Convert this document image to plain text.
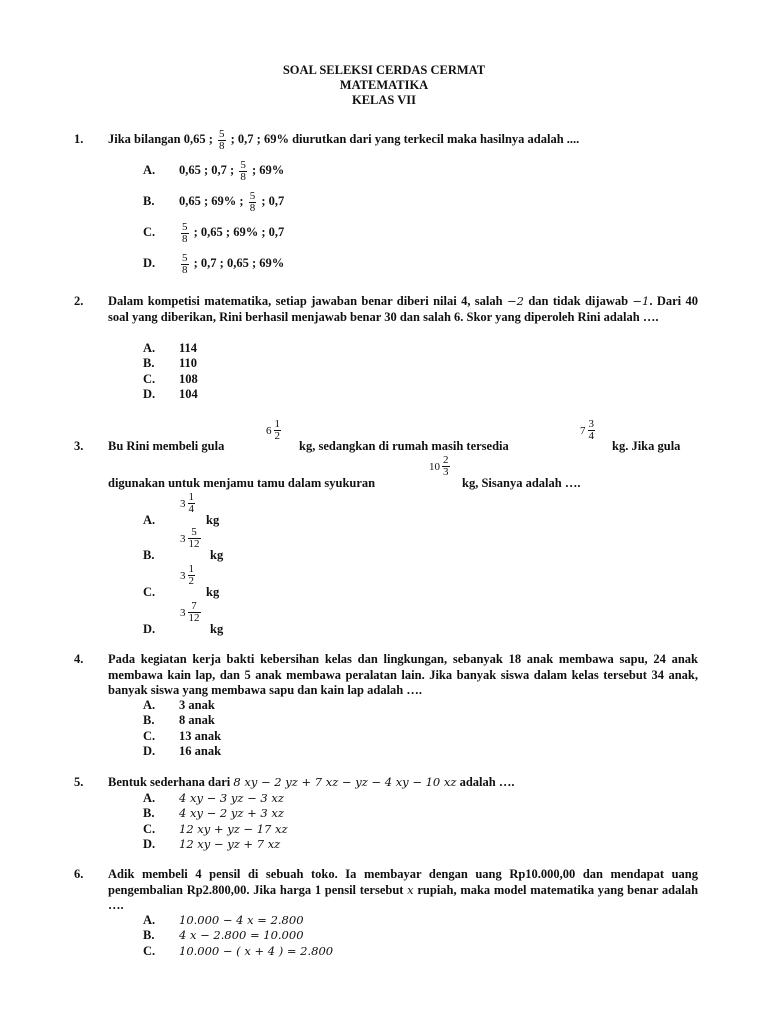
SOAL SELEKSI CERDAS CERMAT
MATEMATIKA
KELAS VII
1. Jika bilangan 0,65 ; $\frac{5}{8}$ ; 0,7 ; 69% diurutkan dari yang terkecil maka hasilnya adalah ....
A. 0,65 ; 0,7 ; $\frac{5}{8}$ ; 69%
B. 0,65 ; 69% ; $\frac{5}{8}$ ; 0,7
C. $\frac{5}{8}$ ; 0,65 ; 69% ; 0,7
D. $\frac{5}{8}$ ; 0,7 ; 0,65 ; 69%
2. Dalam kompetisi matematika, setiap jawaban benar diberi nilai 4, salah −2 dan tidak dijawab −1. Dari 40 soal yang diberikan, Rini berhasil menjawab benar 30 dan salah 6. Skor yang diperoleh Rini adalah ….
A. 114
B. 110
C. 108
D. 104
3. Bu Rini membeli gula
$6 \frac{1}{2}$
kg, sedangkan di rumah masih tersedia
$7 \frac{3}{4}$
kg. Jika gula
digunakan untuk menjamu tamu dalam syukuran
$10 \frac{2}{3}$
kg, Sisanya adalah ….
A.
$3 \frac{1}{4}$
kg
B.
$3 \frac{5}{12}$
kg
C.
$3 \frac{1}{2}$
kg
D.
$3 \frac{7}{12}$
kg
4. Pada kegiatan kerja bakti kebersihan kelas dan lingkungan, sebanyak 18 anak membawa sapu, 24 anak membawa kain lap, dan 5 anak membawa peralatan lain. Jika banyak siswa dalam kelas tersebut 34 anak, banyak siswa yang membawa sapu dan kain lap adalah ….
A. 3 anak
B. 8 anak
C. 13 anak
D. 16 anak
5. Bentuk sederhana dari 8 xy − 2 yz + 7 xz − yz − 4 xy − 10 xz adalah ….
A. 4 xy − 3 yz − 3 xz
B. 4 xy − 2 yz + 3 xz
C. 12 xy + yz − 17 xz
D. 12 xy − yz + 7 xz
6. Adik membeli 4 pensil di sebuah toko. Ia membayar dengan uang Rp10.000,00 dan mendapat uang pengembalian Rp2.800,00. Jika harga 1 pensil tersebut x rupiah, maka model matematika yang benar adalah ….
A. 10.000 − 4 x = 2.800
B. 4 x − 2.800 = 10.000
C. 10.000 − ( x + 4 ) = 2.800
